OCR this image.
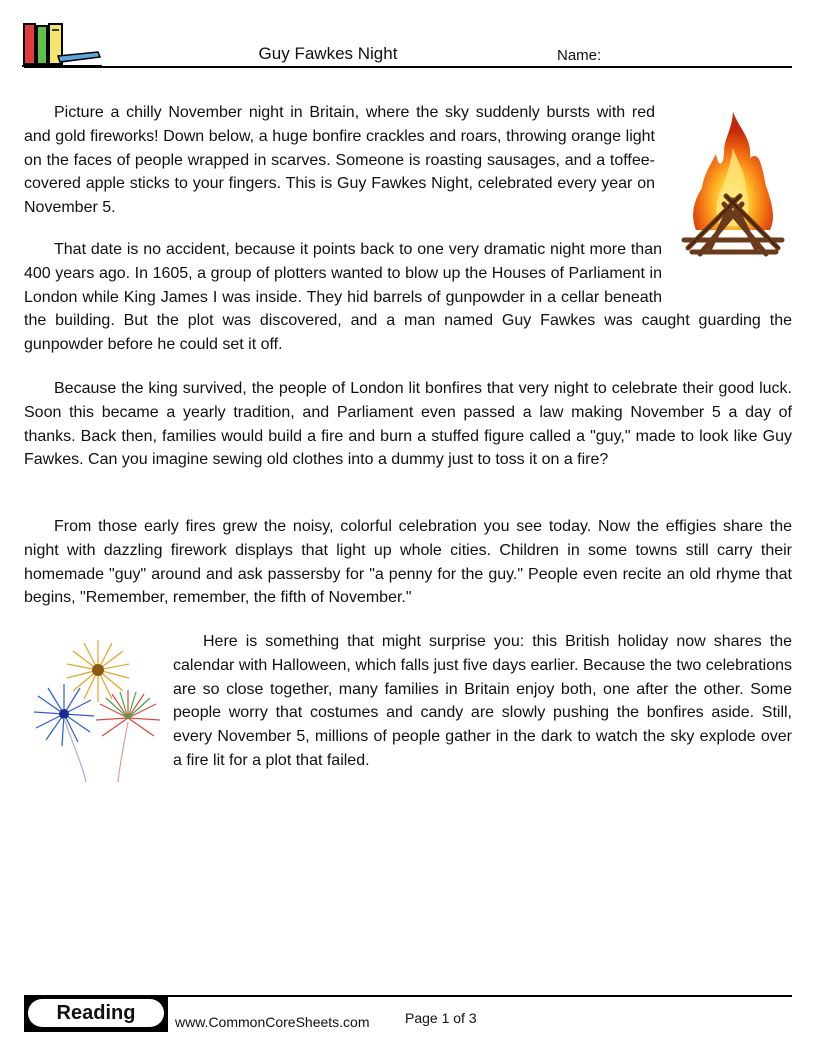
Guy Fawkes Night	Name:

Picture a chilly November night in Britain, where the sky suddenly bursts with red and gold fireworks! Down below, a huge bonfire crackles and roars, throwing orange light on the faces of people wrapped in scarves. Someone is roasting sausages, and a toffee-covered apple sticks to your fingers. This is Guy Fawkes Night, celebrated every year on November 5.

That date is no accident, because it points back to one very dramatic night more than 400 years ago. In 1605, a group of plotters wanted to blow up the Houses of Parliament in London while King James I was inside. They hid barrels of gunpowder in a cellar beneath the building. But the plot was discovered, and a man named Guy Fawkes was caught guarding the gunpowder before he could set it off.

Because the king survived, the people of London lit bonfires that very night to celebrate their good luck. Soon this became a yearly tradition, and Parliament even passed a law making November 5 a day of thanks. Back then, families would build a fire and burn a stuffed figure called a "guy," made to look like Guy Fawkes. Can you imagine sewing old clothes into a dummy just to toss it on a fire?

From those early fires grew the noisy, colorful celebration you see today. Now the effigies share the night with dazzling firework displays that light up whole cities. Children in some towns still carry their homemade "guy" around and ask passersby for "a penny for the guy." People even recite an old rhyme that begins, "Remember, remember, the fifth of November."

Here is something that might surprise you: this British holiday now shares the calendar with Halloween, which falls just five days earlier. Because the two celebrations are so close together, many families in Britain enjoy both, one after the other. Some people worry that costumes and candy are slowly pushing the bonfires aside. Still, every November 5, millions of people gather in the dark to watch the sky explode over a fire lit for a plot that failed.

Reading	www.CommonCoreSheets.com	Page 1 of 3
